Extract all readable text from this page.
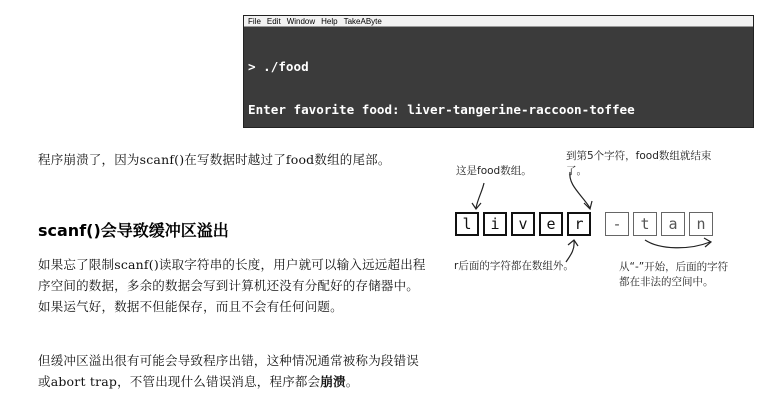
File Edit Window Help TakeAByte

> ./food

Enter favorite food: liver-tangerine-raccoon-toffee

Favorite food: liver-tangerine-raccoon-toffee

Segmentation fault: 11

>

程序崩溃了，因为scanf()在写数据时越过了food数组的尾部。

scanf()会导致缓冲区溢出

如果忘了限制scanf()读取字符串的长度，用户就可以输入远远超出程序空间的数据，多余的数据会写到计算机还没有分配好的存储器中。如果运气好，数据不但能保存，而且不会有任何问题。

但缓冲区溢出很有可能会导致程序出错，这种情况通常被称为段错误或abort trap，不管出现什么错误消息，程序都会崩溃。

这是food数组。
到第5个字符，food数组就结束了。
l	i	v	e	r	-	t	a	n
r后面的字符都在数组外。	从“-”开始，后面的字符都在非法的空间中。
